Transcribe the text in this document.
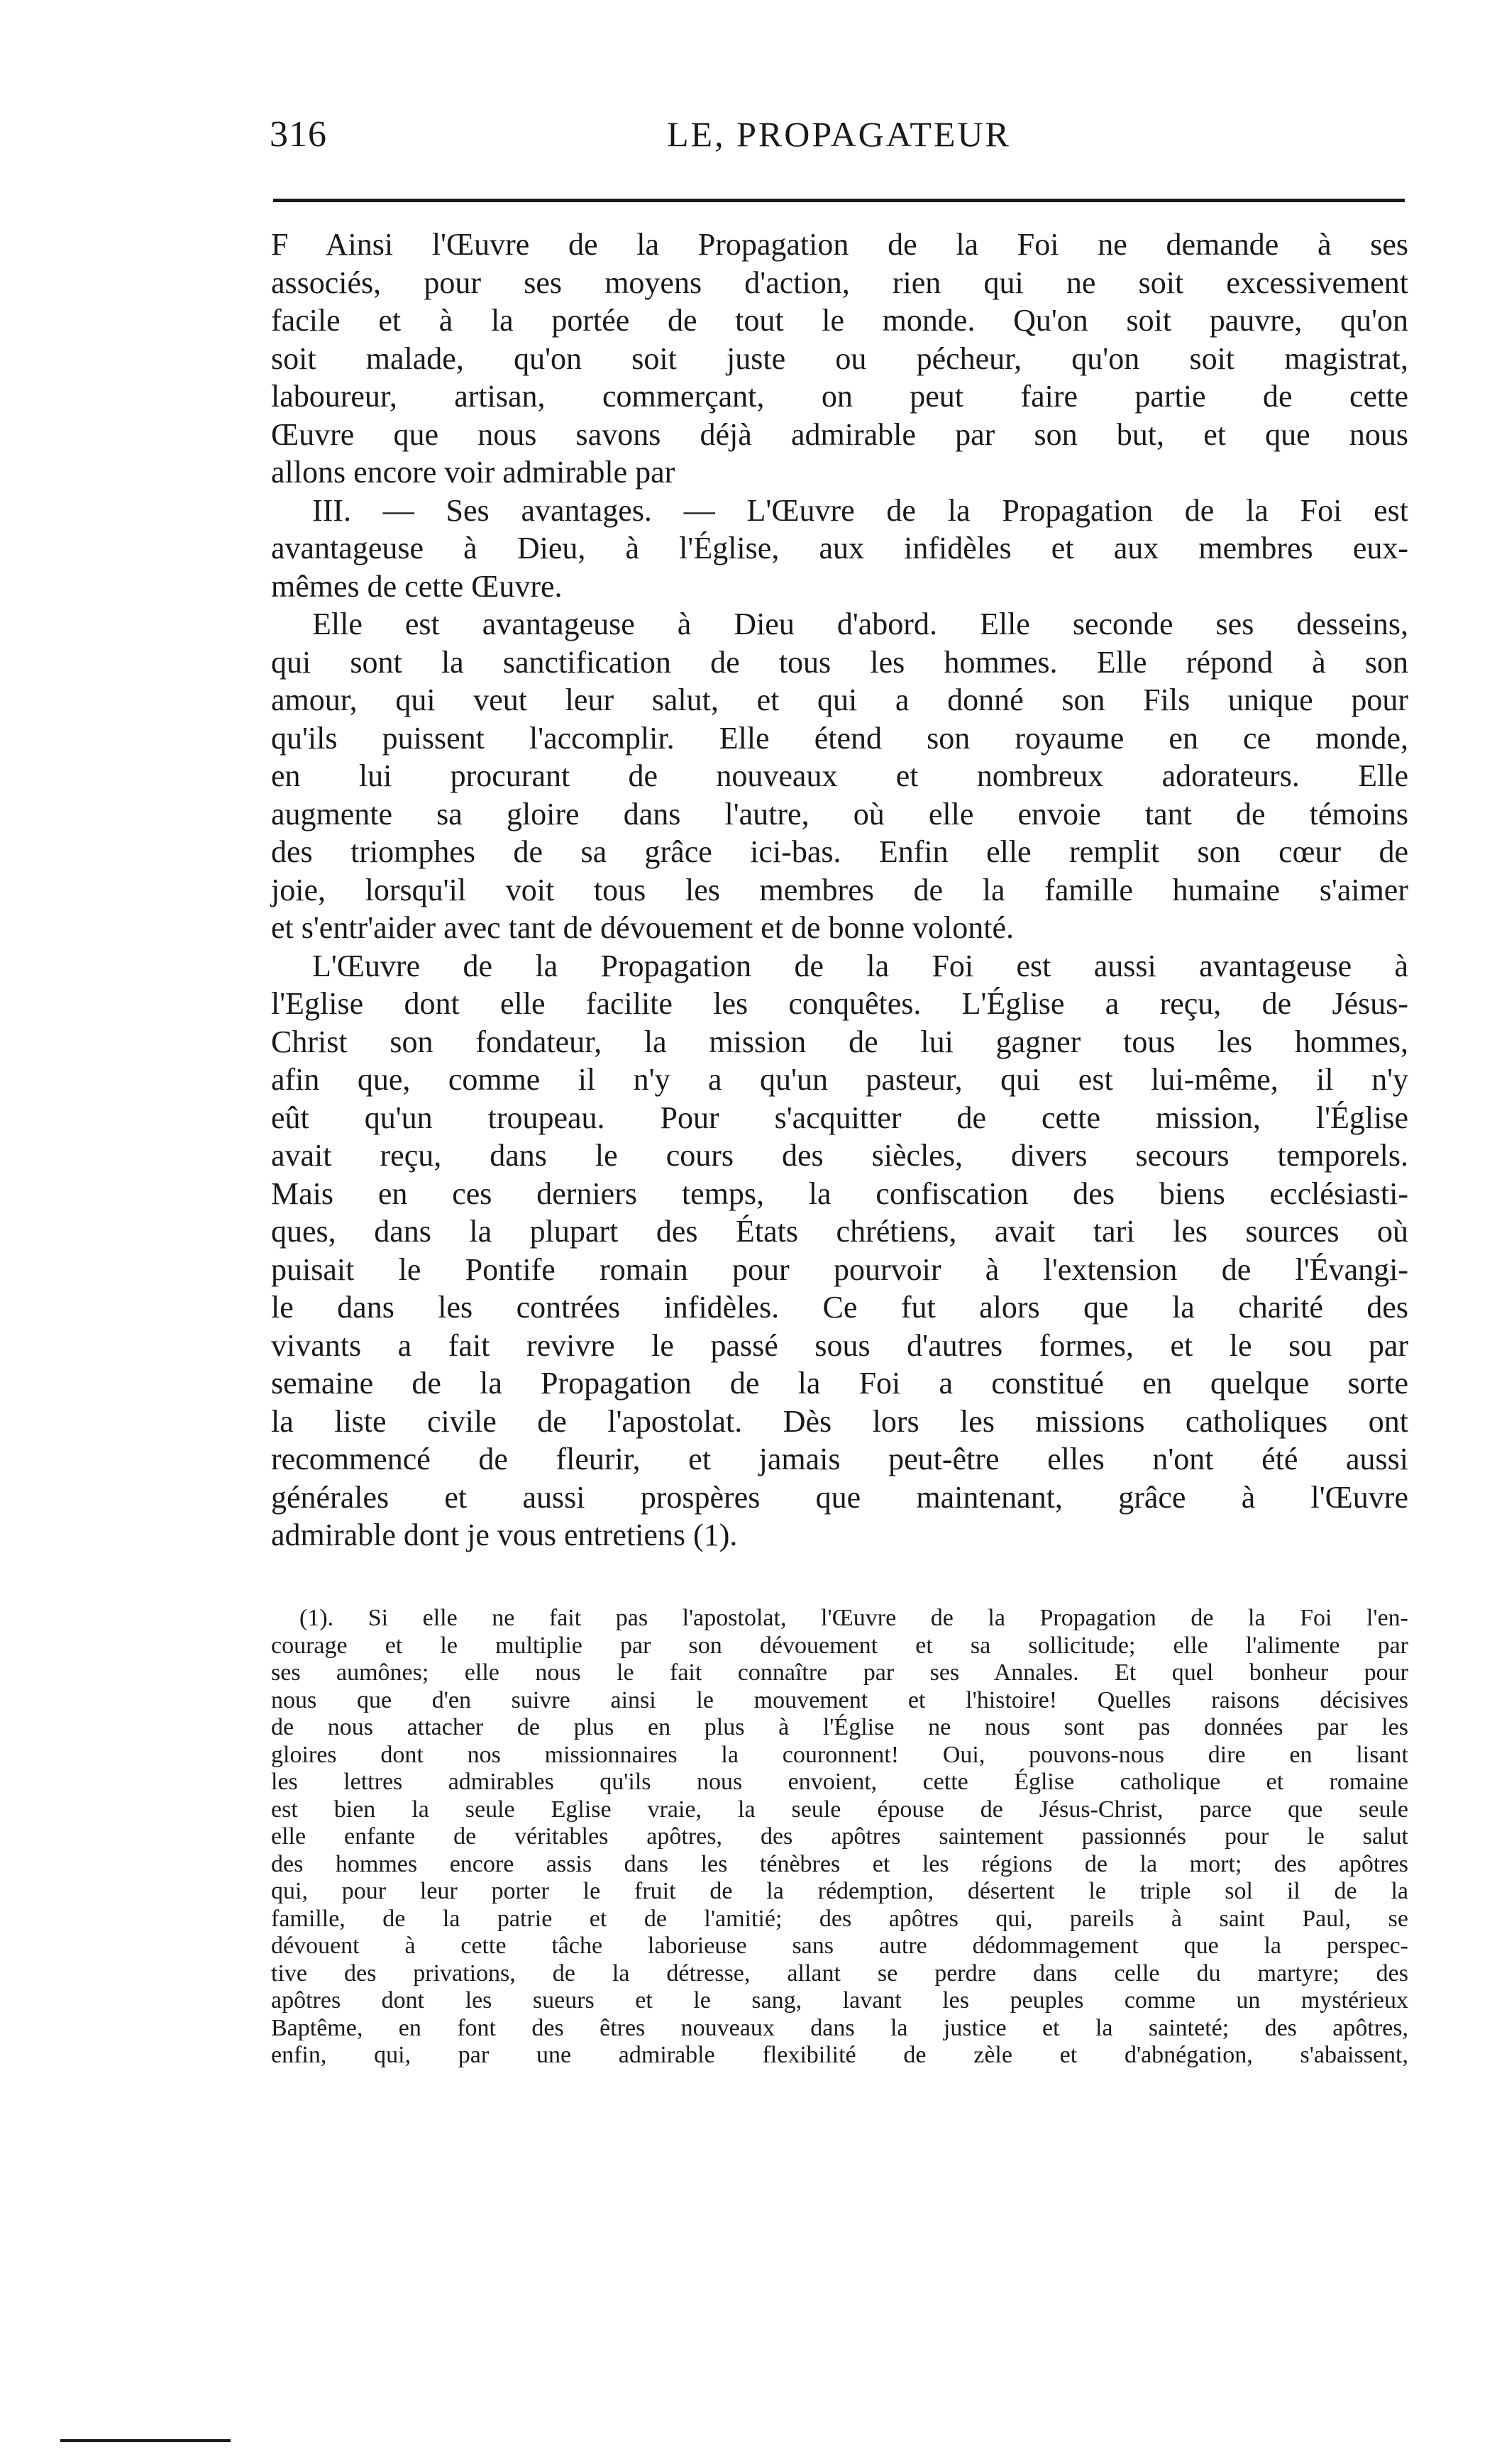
316	LE, PROPAGATEUR
F Ainsi l'Œuvre de la Propagation de la Foi ne demande à ses
associés, pour ses moyens d'action, rien qui ne soit excessivement
facile et à la portée de tout le monde. Qu'on soit pauvre, qu'on
soit malade, qu'on soit juste ou pécheur, qu'on soit magistrat,
laboureur, artisan, commerçant, on peut faire partie de cette
Œuvre que nous savons déjà admirable par son but, et que nous
allons encore voir admirable par
III. — Ses avantages. — L'Œuvre de la Propagation de la Foi est
avantageuse à Dieu, à l'Église, aux infidèles et aux membres eux-
mêmes de cette Œuvre.
Elle est avantageuse à Dieu d'abord. Elle seconde ses desseins,
qui sont la sanctification de tous les hommes. Elle répond à son
amour, qui veut leur salut, et qui a donné son Fils unique pour
qu'ils puissent l'accomplir. Elle étend son royaume en ce monde,
en lui procurant de nouveaux et nombreux adorateurs. Elle
augmente sa gloire dans l'autre, où elle envoie tant de témoins
des triomphes de sa grâce ici-bas. Enfin elle remplit son cœur de
joie, lorsqu'il voit tous les membres de la famille humaine s'aimer
et s'entr'aider avec tant de dévouement et de bonne volonté.
L'Œuvre de la Propagation de la Foi est aussi avantageuse à
l'Eglise dont elle facilite les conquêtes. L'Église a reçu, de Jésus-
Christ son fondateur, la mission de lui gagner tous les hommes,
afin que, comme il n'y a qu'un pasteur, qui est lui-même, il n'y
eût qu'un troupeau. Pour s'acquitter de cette mission, l'Église
avait reçu, dans le cours des siècles, divers secours temporels.
Mais en ces derniers temps, la confiscation des biens ecclésiasti-
ques, dans la plupart des États chrétiens, avait tari les sources où
puisait le Pontife romain pour pourvoir à l'extension de l'Évangi-
le dans les contrées infidèles. Ce fut alors que la charité des
vivants a fait revivre le passé sous d'autres formes, et le sou par
semaine de la Propagation de la Foi a constitué en quelque sorte
la liste civile de l'apostolat. Dès lors les missions catholiques ont
recommencé de fleurir, et jamais peut-être elles n'ont été aussi
générales et aussi prospères que maintenant, grâce à l'Œuvre
admirable dont je vous entretiens (1).
(1). Si elle ne fait pas l'apostolat, l'Œuvre de la Propagation de la Foi l'en-
courage et le multiplie par son dévouement et sa sollicitude; elle l'alimente par
ses aumônes; elle nous le fait connaître par ses Annales. Et quel bonheur pour
nous que d'en suivre ainsi le mouvement et l'histoire! Quelles raisons décisives
de nous attacher de plus en plus à l'Église ne nous sont pas données par les
gloires dont nos missionnaires la couronnent! Oui, pouvons-nous dire en lisant
les lettres admirables qu'ils nous envoient, cette Église catholique et romaine
est bien la seule Eglise vraie, la seule épouse de Jésus-Christ, parce que seule
elle enfante de véritables apôtres, des apôtres saintement passionnés pour le salut
des hommes encore assis dans les ténèbres et les régions de la mort; des apôtres
qui, pour leur porter le fruit de la rédemption, désertent le triple sol il de la
famille, de la patrie et de l'amitié; des apôtres qui, pareils à saint Paul, se
dévouent à cette tâche laborieuse sans autre dédommagement que la perspec-
tive des privations, de la détresse, allant se perdre dans celle du martyre; des
apôtres dont les sueurs et le sang, lavant les peuples comme un mystérieux
Baptême, en font des êtres nouveaux dans la justice et la sainteté; des apôtres,
enfin, qui, par une admirable flexibilité de zèle et d'abnégation, s'abaissent,
